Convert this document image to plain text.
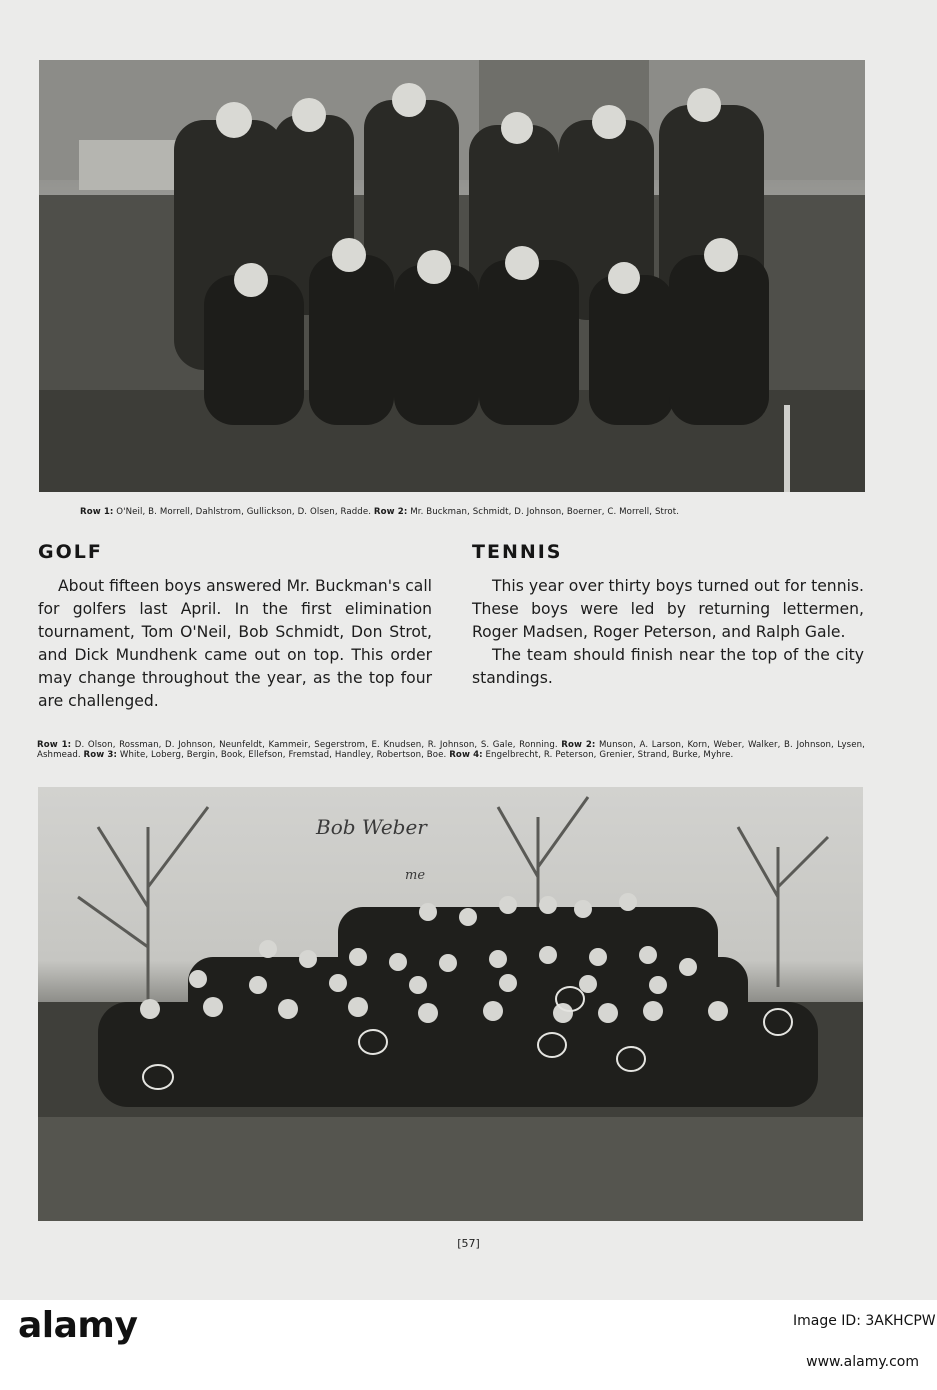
Row 1: O'Neil, B. Morrell, Dahlstrom, Gullickson, D. Olsen, Radde. Row 2: Mr. Buckman, Schmidt, D. Johnson, Boerner, C. Morrell, Strot.
GOLF

About fifteen boys answered Mr. Buckman's call for golfers last April. In the first elimination tournament, Tom O'Neil, Bob Schmidt, Don Strot, and Dick Mundhenk came out on top. This order may change throughout the year, as the top four are challenged.

TENNIS

This year over thirty boys turned out for tennis. These boys were led by returning lettermen, Roger Madsen, Roger Peterson, and Ralph Gale.

The team should finish near the top of the city standings.

Row 1: D. Olson, Rossman, D. Johnson, Neunfeldt, Kammeir, Segerstrom, E. Knudsen, R. Johnson, S. Gale, Ronning. Row 2: Munson, A. Larson, Korn, Weber, Walker, B. Johnson, Lysen, Ashmead. Row 3: White, Loberg, Bergin, Book, Ellefson, Fremstad, Handley, Robertson, Boe. Row 4: Engelbrecht, R. Peterson, Grenier, Strand, Burke, Myhre.
Bob Weber
me
[57]
alamy	Image ID: 3AKHCPW
www.alamy.com
